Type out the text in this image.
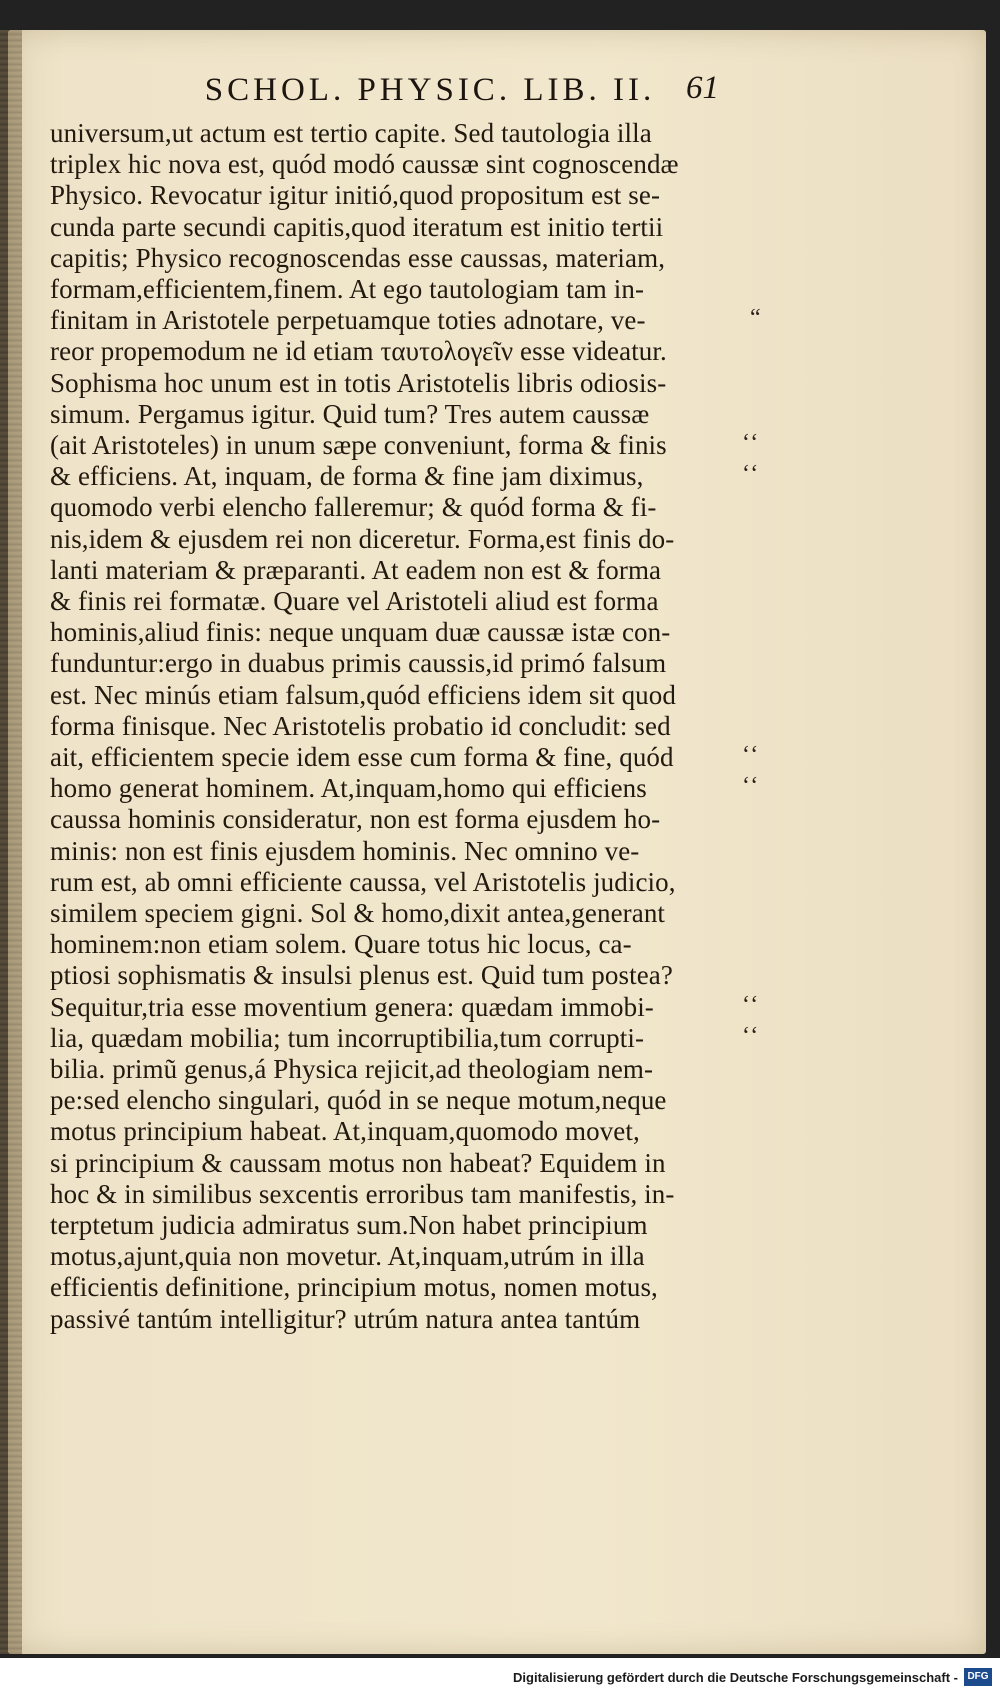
SCHOL. PHYSIC. LIB. II. 61
universum,ut actum est tertio capite. Sed tautologia illa
triplex hic nova est, quód modó caussæ sint cognoscendæ
Physico. Revocatur igitur initió,quod propositum est se-
cunda parte secundi capitis,quod iteratum est initio tertii
capitis; Physico recognoscendas esse caussas, materiam,
formam,efficientem,finem. At ego tautologiam tam in-
finitam in Aristotele perpetuamque toties adnotare, ve-
reor propemodum ne id etiam ταυτολογεῖν esse videatur.
Sophisma hoc unum est in totis Aristotelis libris odiosis-
simum. Pergamus igitur. Quid tum? Tres autem caussæ
(ait Aristoteles) in unum sæpe conveniunt, forma & finis
& efficiens. At, inquam, de forma & fine jam diximus,
quomodo verbi elencho falleremur; & quód forma & fi-
nis,idem & ejusdem rei non diceretur. Forma,est finis do-
lanti materiam & præparanti. At eadem non est & forma
& finis rei formatæ. Quare vel Aristoteli aliud est forma
hominis,aliud finis: neque unquam duæ caussæ istæ con-
funduntur:ergo in duabus primis caussis,id primó falsum
est. Nec minús etiam falsum,quód efficiens idem sit quod
forma finisque. Nec Aristotelis probatio id concludit: sed
ait, efficientem specie idem esse cum forma & fine, quód
homo generat hominem. At,inquam,homo qui efficiens
caussa hominis consideratur, non est forma ejusdem ho-
minis: non est finis ejusdem hominis. Nec omnino ve-
rum est, ab omni efficiente caussa, vel Aristotelis judicio,
similem speciem gigni. Sol & homo,dixit antea,generant
hominem:non etiam solem. Quare totus hic locus, ca-
ptiosi sophismatis & insulsi plenus est. Quid tum postea?
Sequitur,tria esse moventium genera: quædam immobi-
lia, quædam mobilia; tum incorruptibilia,tum corrupti-
bilia. primũ genus,á Physica rejicit,ad theologiam nem-
pe:sed elencho singulari, quód in se neque motum,neque
motus principium habeat. At,inquam,quomodo movet,
si principium & caussam motus non habeat? Equidem in
hoc & in similibus sexcentis erroribus tam manifestis, in-
terptetum judicia admiratus sum.Non habet principium
motus,ajunt,quia non movetur. At,inquam,utrúm in illa
efficientis definitione, principium motus, nomen motus,
passivé tantúm intelligitur? utrúm natura antea tantúm
“
‘‘
‘‘
‘‘
‘‘
‘‘
‘‘
Digitalisierung gefördert durch die Deutsche Forschungsgemeinschaft - DFG
